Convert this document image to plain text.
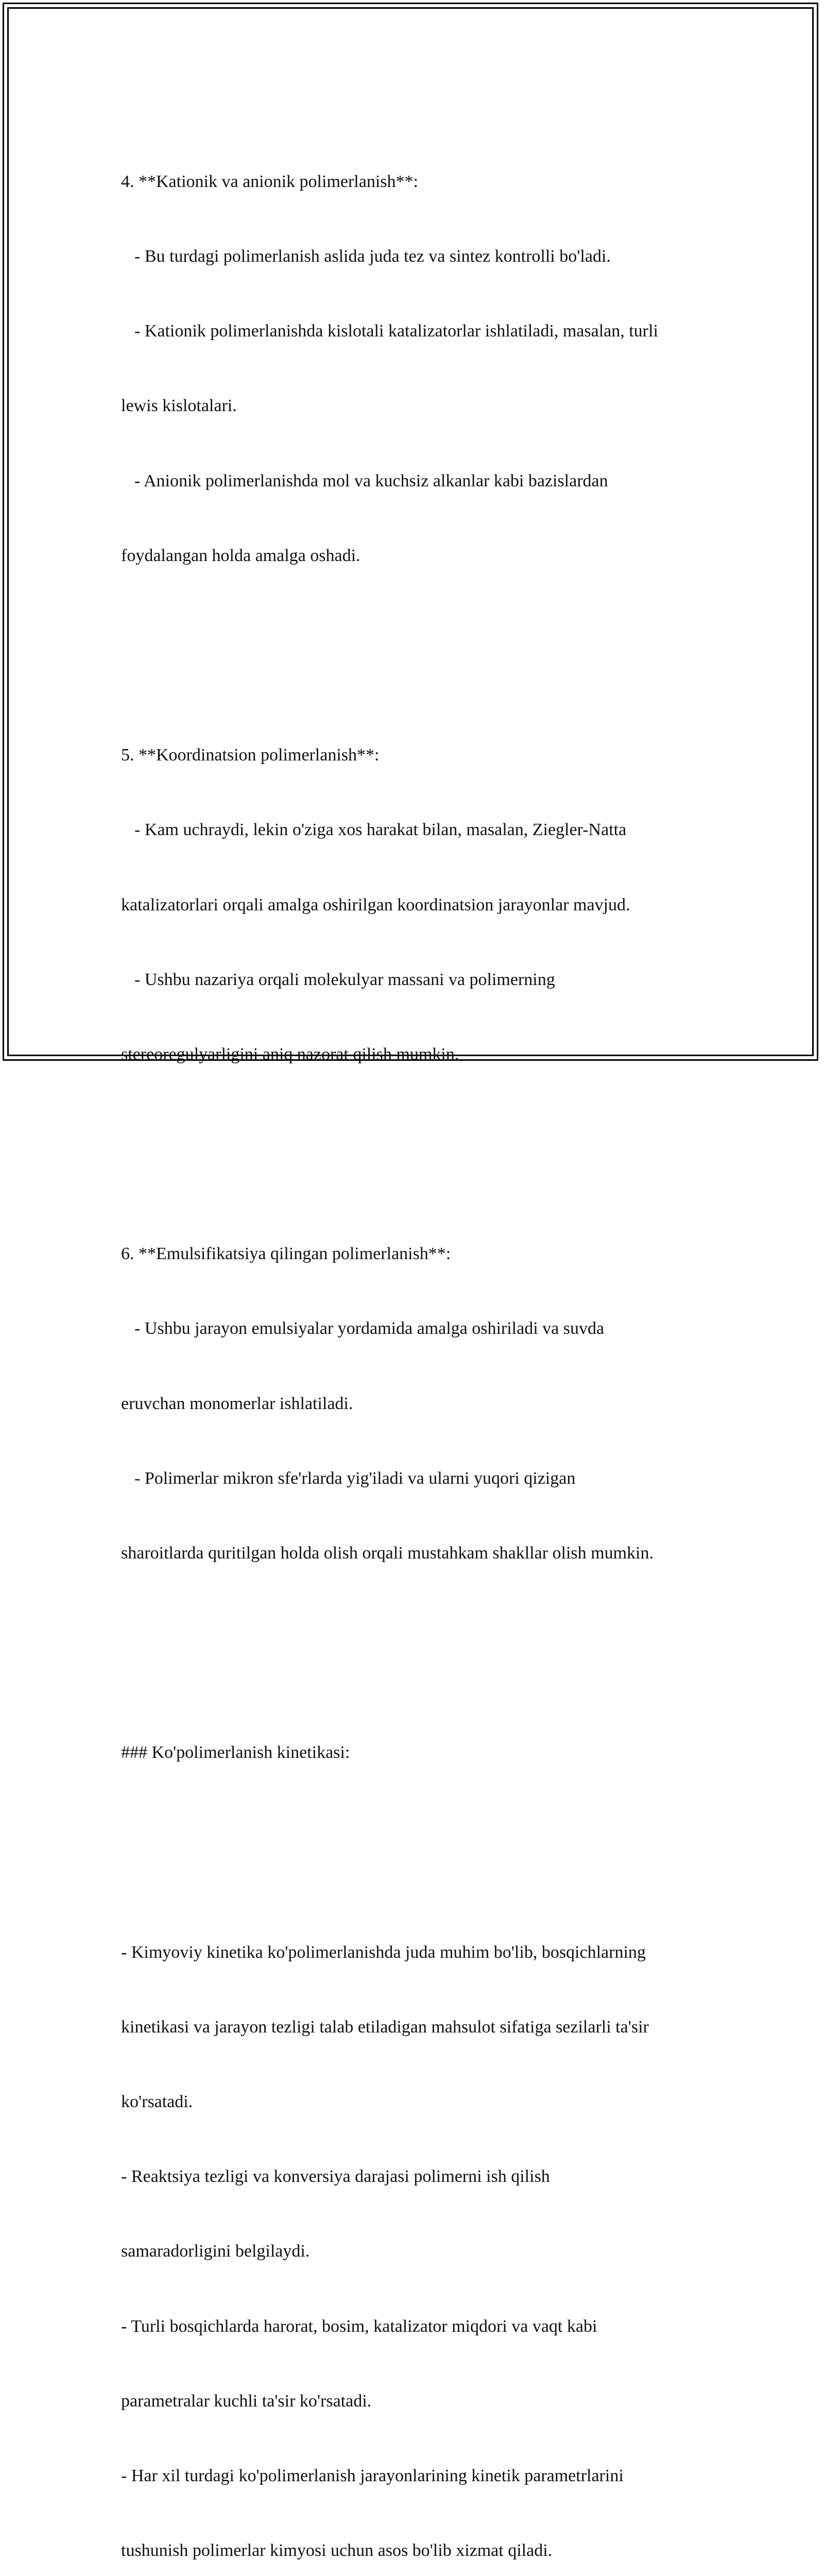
4. **Kationik va anionik polimerlanish**:

- Bu turdagi polimerlanish aslida juda tez va sintez kontrolli bo'ladi.

- Kationik polimerlanishda kislotali katalizatorlar ishlatiladi, masalan, turli

lewis kislotalari.

- Anionik polimerlanishda mol va kuchsiz alkanlar kabi bazislardan

foydalangan holda amalga oshadi.

5. **Koordinatsion polimerlanish**:

- Kam uchraydi, lekin o'ziga xos harakat bilan, masalan, Ziegler-Natta

katalizatorlari orqali amalga oshirilgan koordinatsion jarayonlar mavjud.

- Ushbu nazariya orqali molekulyar massani va polimerning

stereoregulyarligini aniq nazorat qilish mumkin.

6. **Emulsifikatsiya qilingan polimerlanish**:

- Ushbu jarayon emulsiyalar yordamida amalga oshiriladi va suvda

eruvchan monomerlar ishlatiladi.

- Polimerlar mikron sfe'rlarda yig'iladi va ularni yuqori qizigan

sharoitlarda quritilgan holda olish orqali mustahkam shakllar olish mumkin.

### Ko'polimerlanish kinetikasi:

- Kimyoviy kinetika ko'polimerlanishda juda muhim bo'lib, bosqichlarning

kinetikasi va jarayon tezligi talab etiladigan mahsulot sifatiga sezilarli ta'sir

ko'rsatadi.

- Reaktsiya tezligi va konversiya darajasi polimerni ish qilish

samaradorligini belgilaydi.

- Turli bosqichlarda harorat, bosim, katalizator miqdori va vaqt kabi

parametralar kuchli ta'sir ko'rsatadi.

- Har xil turdagi ko'polimerlanish jarayonlarining kinetik parametrlarini

tushunish polimerlar kimyosi uchun asos bo'lib xizmat qiladi.
